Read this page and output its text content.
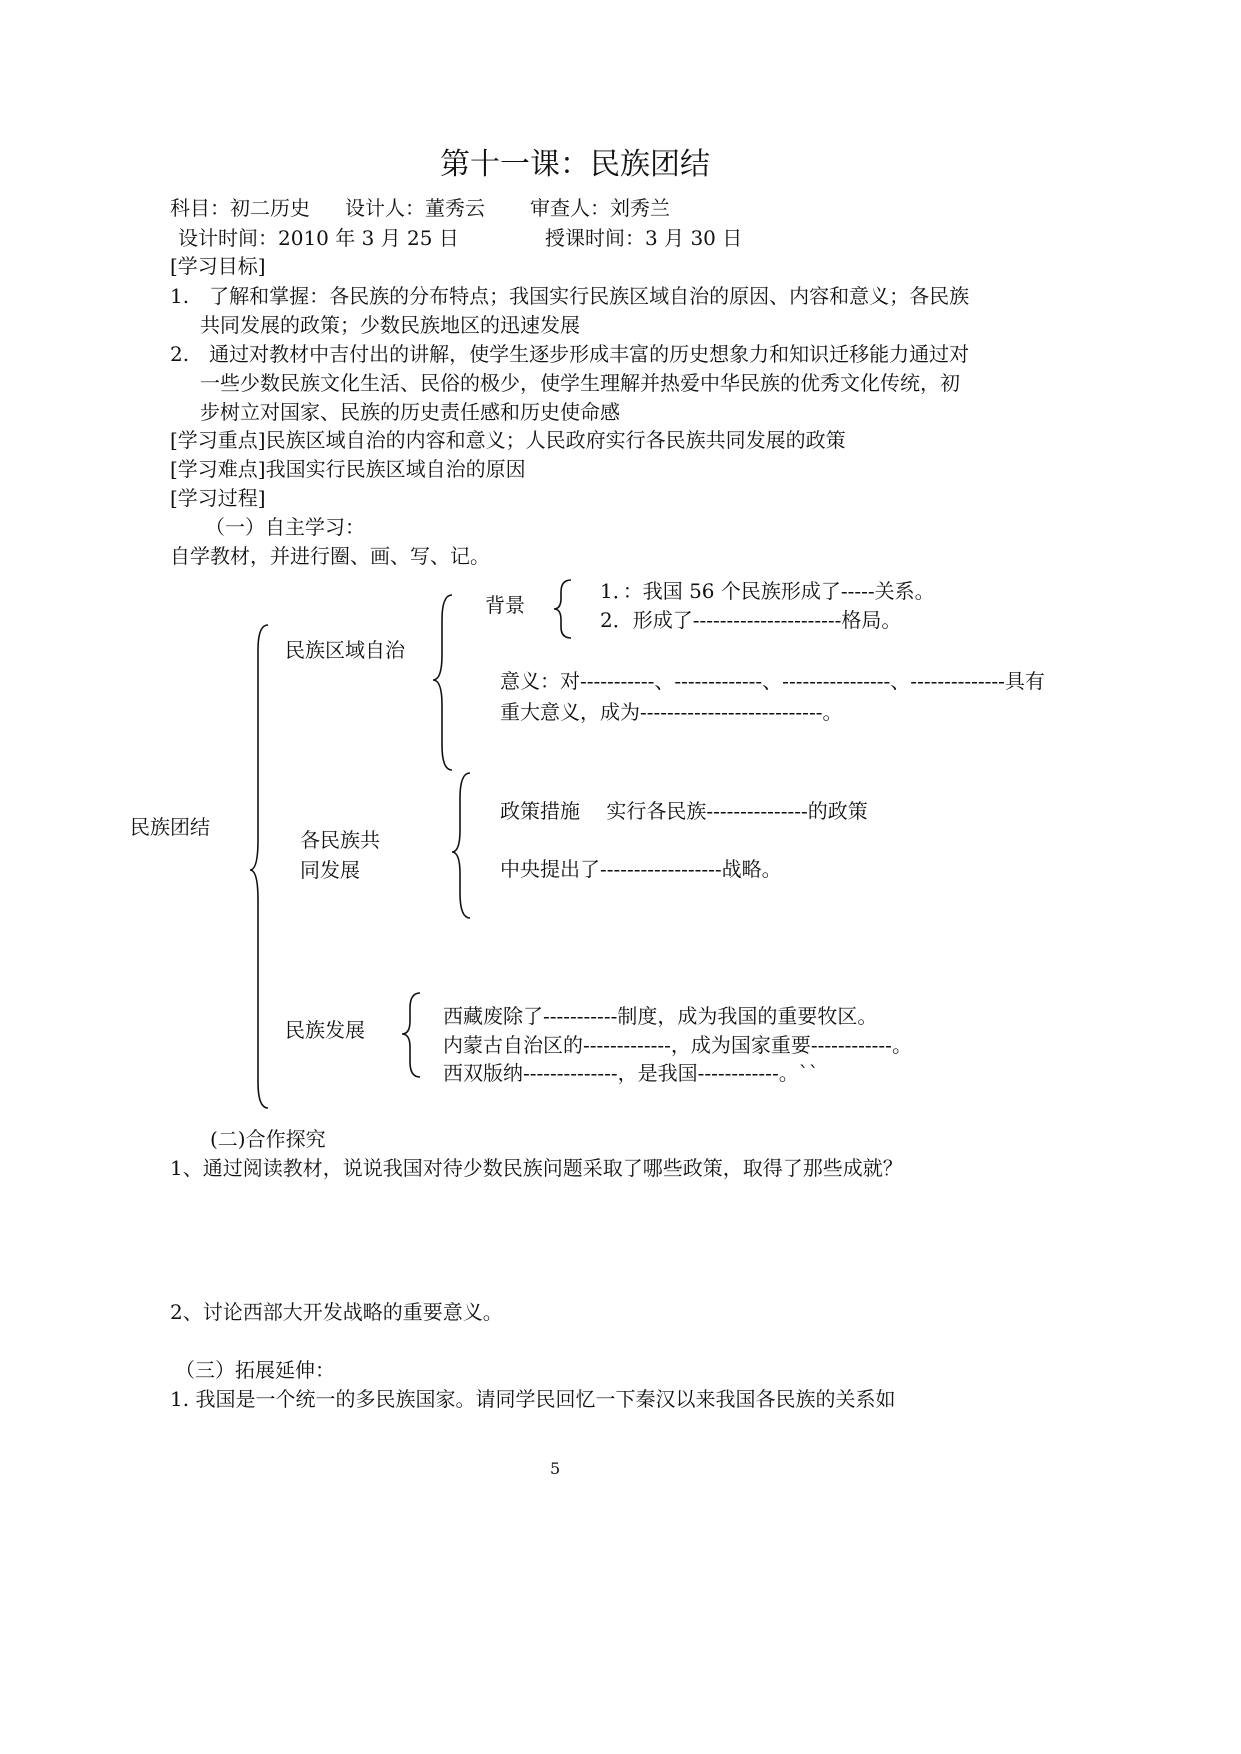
第十一课：民族团结
科目：初二历史 设计人：董秀云 审查人：刘秀兰
设计时间：2010 年 3 月 25 日	授课时间：3 月 30 日
[学习目标]
1.　了解和掌握：各民族的分布特点；我国实行民族区域自治的原因、内容和意义；各民族
共同发展的政策；少数民族地区的迅速发展
2.　通过对教材中吉付出的讲解，使学生逐步形成丰富的历史想象力和知识迁移能力通过对
一些少数民族文化生活、民俗的极少，使学生理解并热爱中华民族的优秀文化传统，初
步树立对国家、民族的历史责任感和历史使命感
[学习重点]民族区域自治的内容和意义；人民政府实行各民族共同发展的政策
[学习难点]我国实行民族区域自治的原因
[学习过程]
（一）自主学习：
自学教材，并进行圈、画、写、记。
民族团结
民族区域自治
背景
1．：我国 56 个民族形成了-----关系。
2．形成了----------------------格局。
意义：对-----------、-------------、----------------、--------------具有
重大意义，成为---------------------------。
各民族共
同发展
政策措施　 实行各民族---------------的政策
中央提出了------------------战略。
民族发展
西藏废除了-----------制度，成为我国的重要牧区。
内蒙古自治区的-------------，成为国家重要------------。
西双版纳--------------，是我国------------。``
(二)合作探究
1、通过阅读教材，说说我国对待少数民族问题采取了哪些政策，取得了那些成就？
2、讨论西部大开发战略的重要意义。
（三）拓展延伸：
1. 我国是一个统一的多民族国家。请同学民回忆一下秦汉以来我国各民族的关系如
5
